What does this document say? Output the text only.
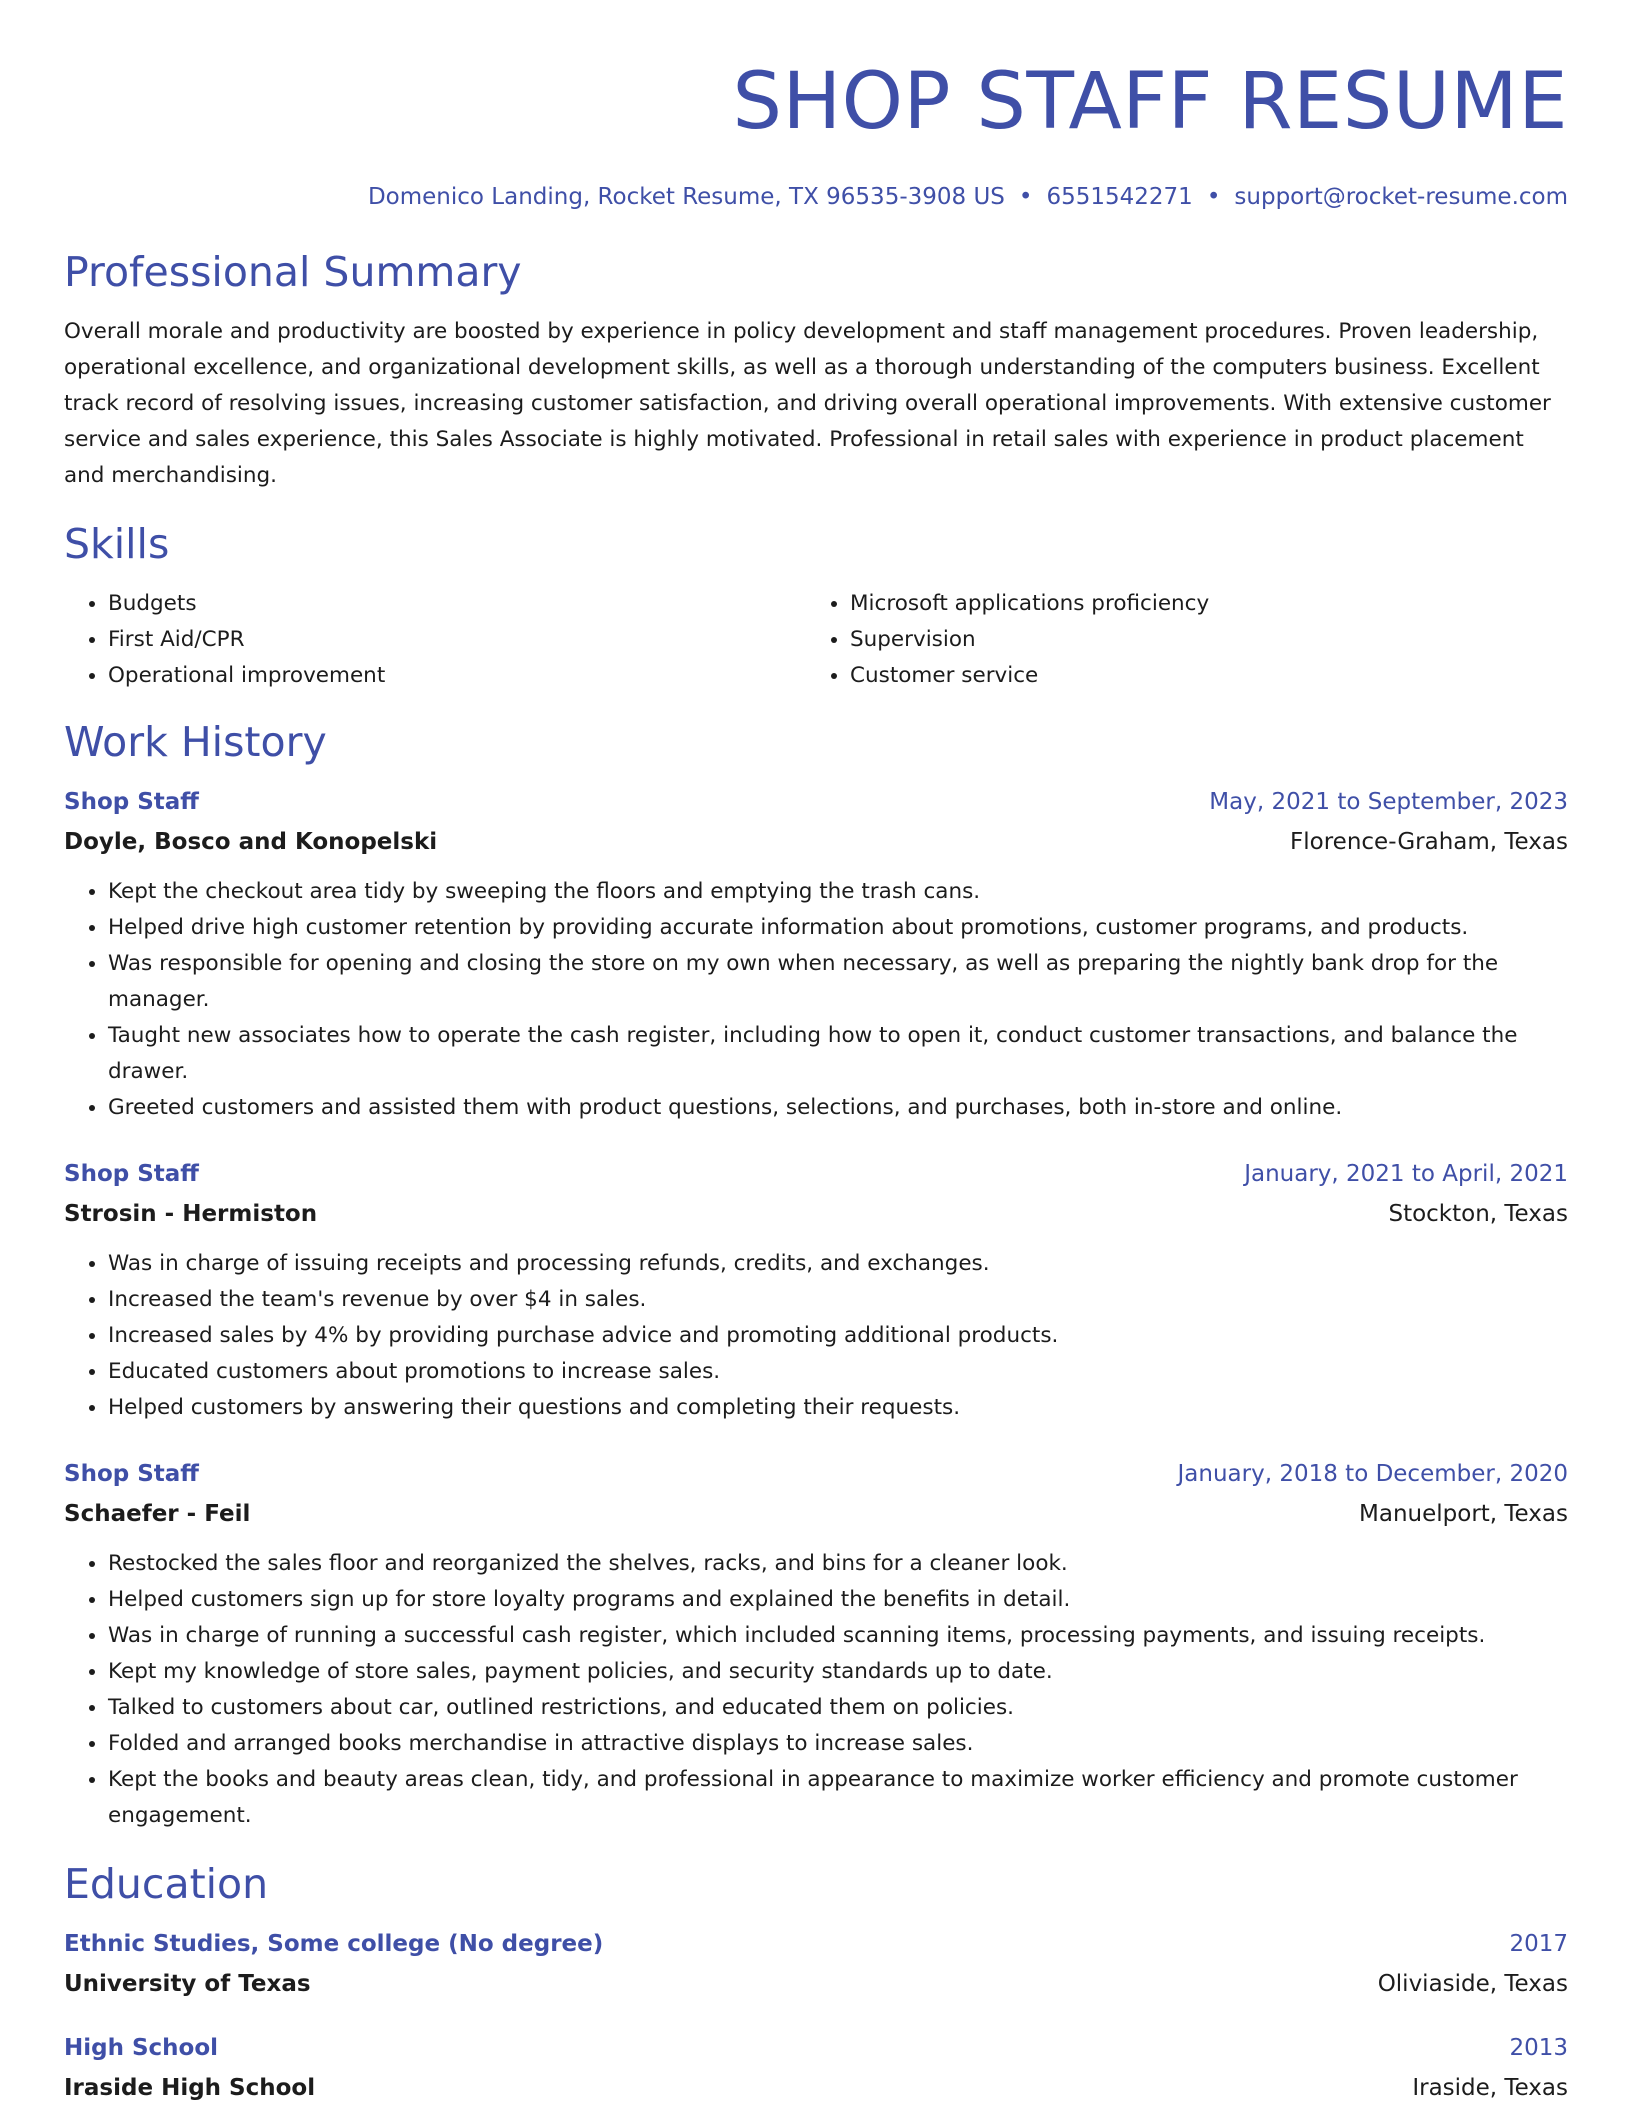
SHOP STAFF RESUME
Domenico Landing, Rocket Resume, TX 96535-3908 US • 6551542271 • support@rocket-resume.com
Professional Summary
Overall morale and productivity are boosted by experience in policy development and staff management procedures. Proven leadership, operational excellence, and organizational development skills, as well as a thorough understanding of the computers business. Excellent track record of resolving issues, increasing customer satisfaction, and driving overall operational improvements. With extensive customer service and sales experience, this Sales Associate is highly motivated. Professional in retail sales with experience in product placement and merchandising.
Skills
• Budgets
• First Aid/CPR
• Operational improvement
• Microsoft applications proficiency
• Supervision
• Customer service
Work History
Shop Staff	May, 2021 to September, 2023
Doyle, Bosco and Konopelski	Florence-Graham, Texas
• Kept the checkout area tidy by sweeping the floors and emptying the trash cans.
• Helped drive high customer retention by providing accurate information about promotions, customer programs, and products.
• Was responsible for opening and closing the store on my own when necessary, as well as preparing the nightly bank drop for the manager.
• Taught new associates how to operate the cash register, including how to open it, conduct customer transactions, and balance the drawer.
• Greeted customers and assisted them with product questions, selections, and purchases, both in-store and online.
Shop Staff	January, 2021 to April, 2021
Strosin - Hermiston	Stockton, Texas
• Was in charge of issuing receipts and processing refunds, credits, and exchanges.
• Increased the team's revenue by over $4 in sales.
• Increased sales by 4% by providing purchase advice and promoting additional products.
• Educated customers about promotions to increase sales.
• Helped customers by answering their questions and completing their requests.
Shop Staff	January, 2018 to December, 2020
Schaefer - Feil	Manuelport, Texas
• Restocked the sales floor and reorganized the shelves, racks, and bins for a cleaner look.
• Helped customers sign up for store loyalty programs and explained the benefits in detail.
• Was in charge of running a successful cash register, which included scanning items, processing payments, and issuing receipts.
• Kept my knowledge of store sales, payment policies, and security standards up to date.
• Talked to customers about car, outlined restrictions, and educated them on policies.
• Folded and arranged books merchandise in attractive displays to increase sales.
• Kept the books and beauty areas clean, tidy, and professional in appearance to maximize worker efficiency and promote customer engagement.
Education
Ethnic Studies, Some college (No degree)	2017
University of Texas	Oliviaside, Texas
High School	2013
Iraside High School	Iraside, Texas
